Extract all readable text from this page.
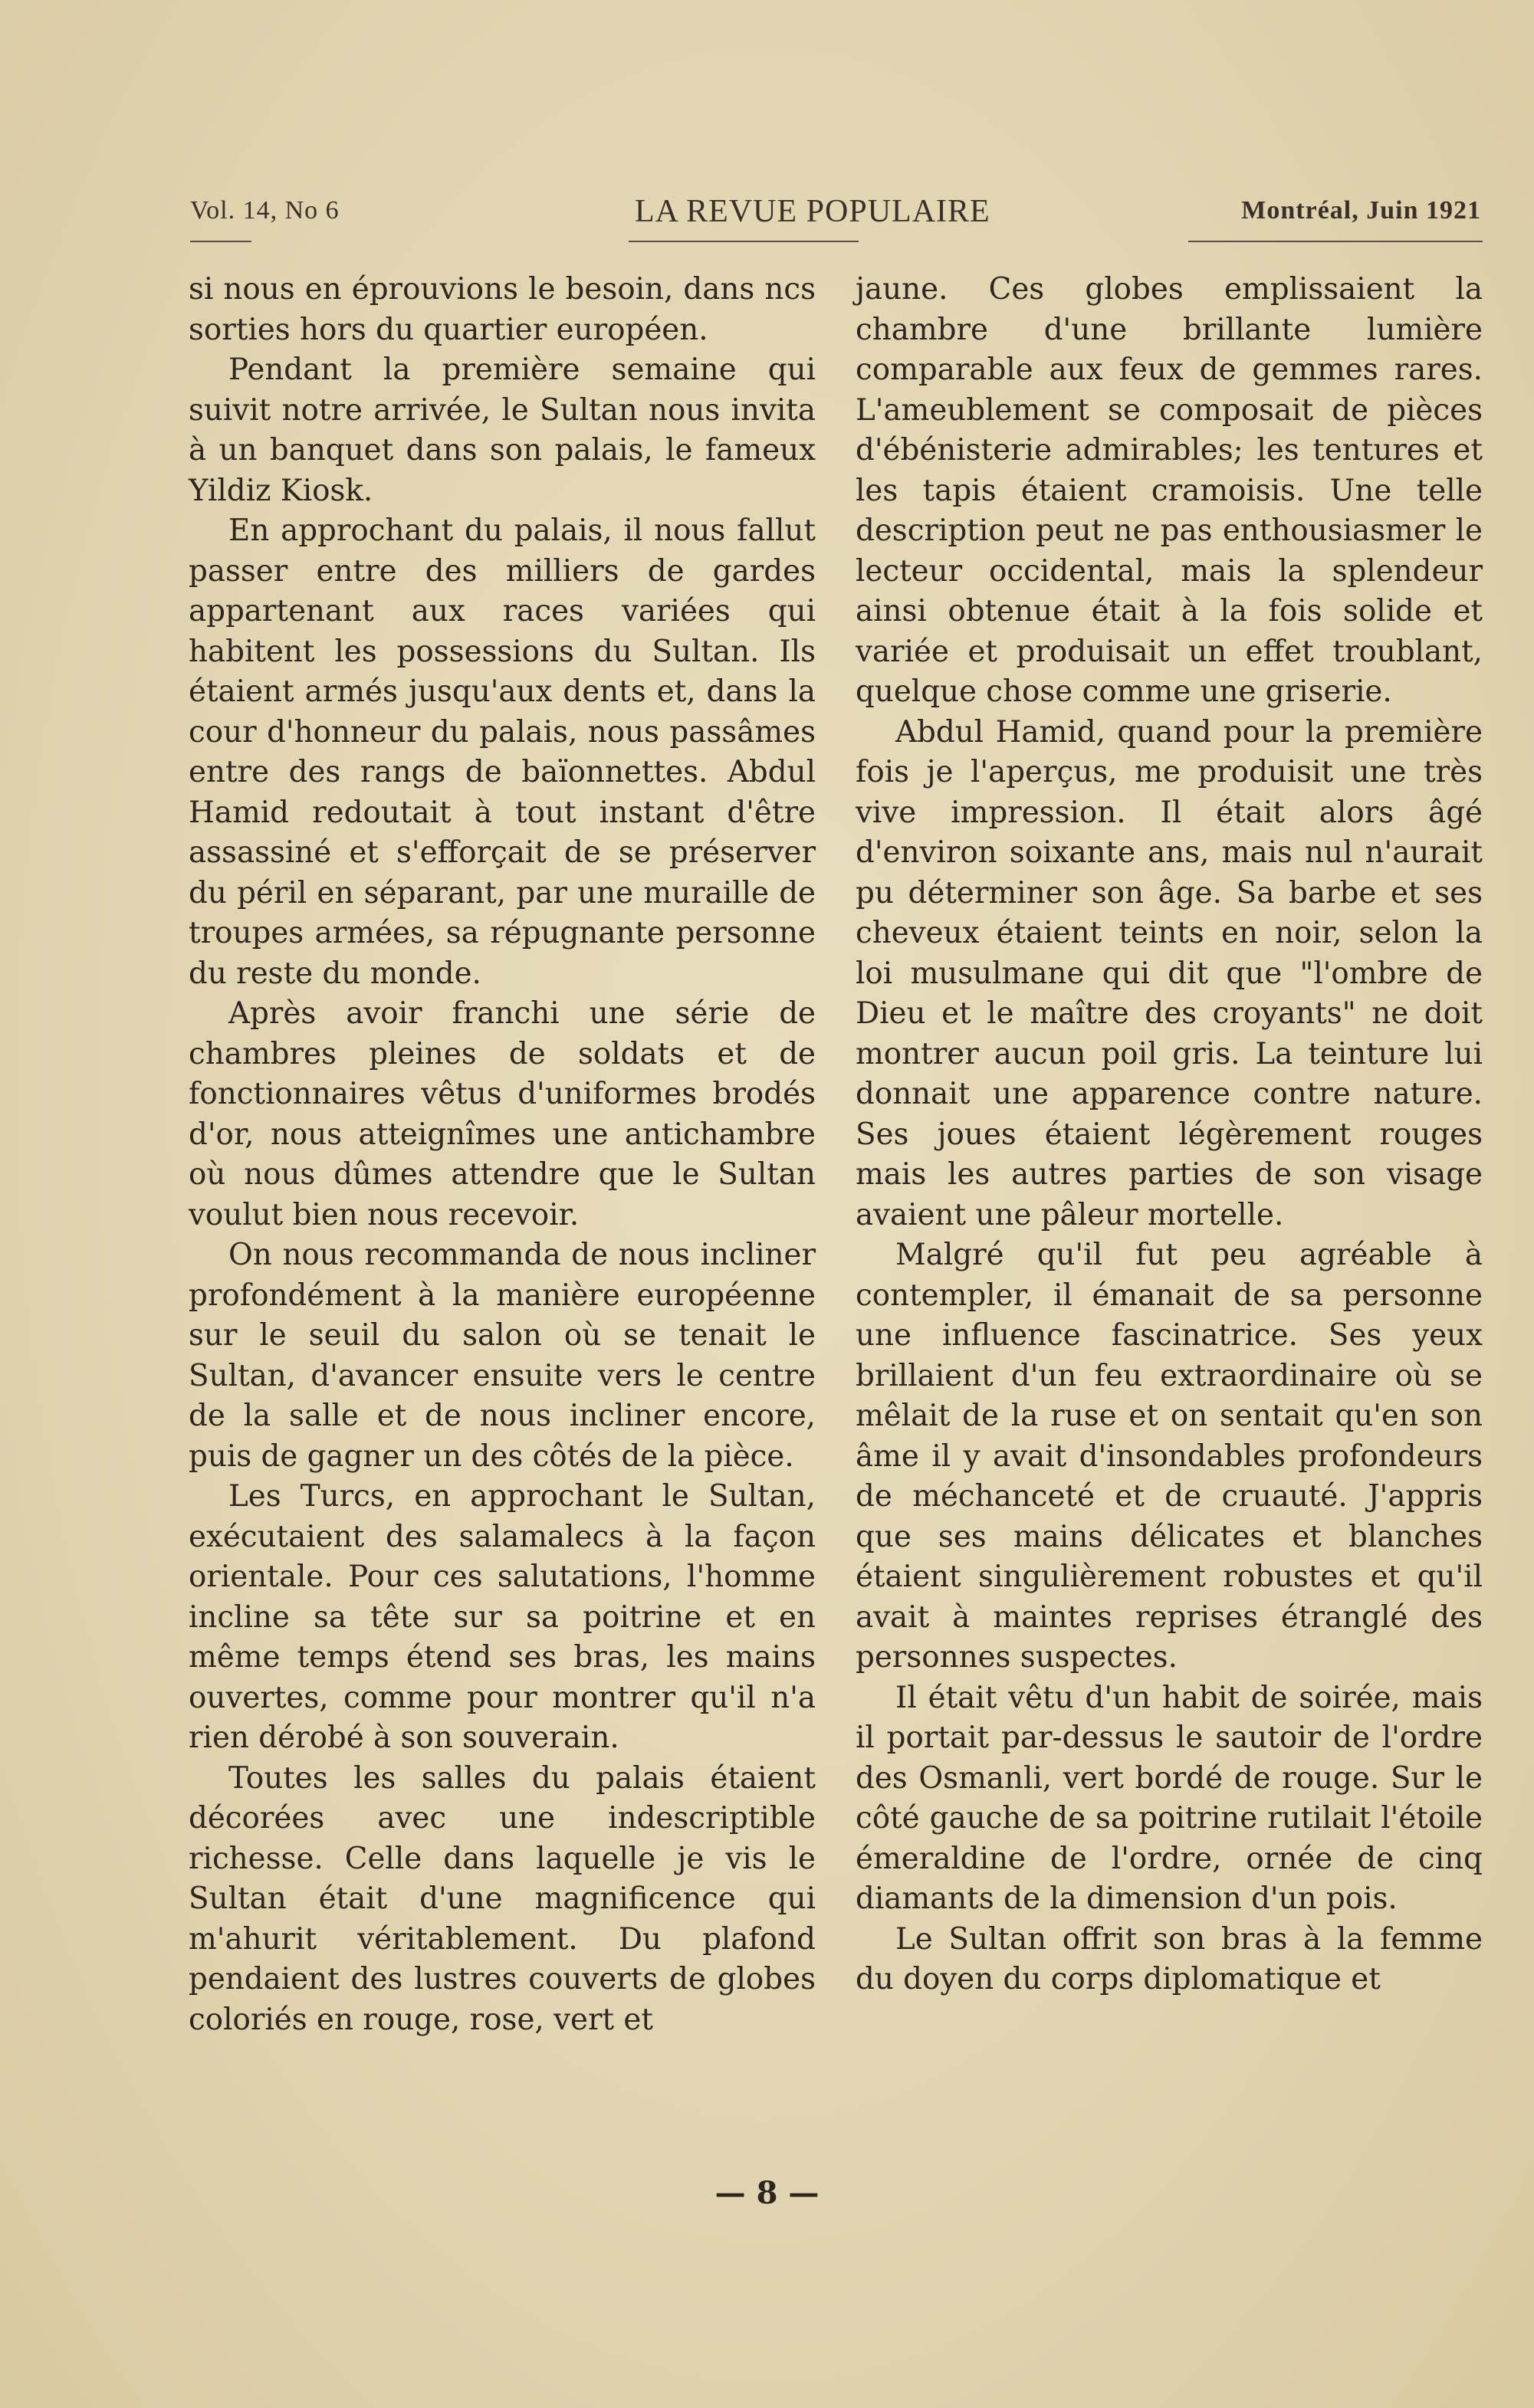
Vol. 14, No 6	LA REVUE POPULAIRE	Montréal, Juin 1921

si nous en éprouvions le besoin, dans ncs sorties hors du quartier européen.

Pendant la première semaine qui suivit notre arrivée, le Sultan nous invita à un banquet dans son palais, le fameux Yildiz Kiosk.

En approchant du palais, il nous fallut passer entre des milliers de gardes appartenant aux races variées qui habitent les possessions du Sultan. Ils étaient armés jusqu'aux dents et, dans la cour d'honneur du palais, nous passâmes entre des rangs de baïonnettes. Abdul Hamid redoutait à tout instant d'être assassiné et s'efforçait de se préserver du péril en séparant, par une muraille de troupes armées, sa répugnante personne du reste du monde.

Après avoir franchi une série de chambres pleines de soldats et de fonctionnaires vêtus d'uniformes brodés d'or, nous atteignîmes une antichambre où nous dûmes attendre que le Sultan voulut bien nous recevoir.

On nous recommanda de nous incliner profondément à la manière européenne sur le seuil du salon où se tenait le Sultan, d'avancer ensuite vers le centre de la salle et de nous incliner encore, puis de gagner un des côtés de la pièce.

Les Turcs, en approchant le Sultan, exécutaient des salamalecs à la façon orientale. Pour ces salutations, l'homme incline sa tête sur sa poitrine et en même temps étend ses bras, les mains ouvertes, comme pour montrer qu'il n'a rien dérobé à son souverain.

Toutes les salles du palais étaient décorées avec une indescriptible richesse. Celle dans laquelle je vis le Sultan était d'une magnificence qui m'ahurit véritablement. Du plafond pendaient des lustres couverts de globes coloriés en rouge, rose, vert et

jaune. Ces globes emplissaient la chambre d'une brillante lumière comparable aux feux de gemmes rares. L'ameublement se composait de pièces d'ébénisterie admirables; les tentures et les tapis étaient cramoisis. Une telle description peut ne pas enthousiasmer le lecteur occidental, mais la splendeur ainsi obtenue était à la fois solide et variée et produisait un effet troublant, quelque chose comme une griserie.

Abdul Hamid, quand pour la première fois je l'aperçus, me produisit une très vive impression. Il était alors âgé d'environ soixante ans, mais nul n'aurait pu déterminer son âge. Sa barbe et ses cheveux étaient teints en noir, selon la loi musulmane qui dit que "l'ombre de Dieu et le maître des croyants" ne doit montrer aucun poil gris. La teinture lui donnait une apparence contre nature. Ses joues étaient légèrement rouges mais les autres parties de son visage avaient une pâleur mortelle.

Malgré qu'il fut peu agréable à contempler, il émanait de sa personne une influence fascinatrice. Ses yeux brillaient d'un feu extraordinaire où se mêlait de la ruse et on sentait qu'en son âme il y avait d'insondables profondeurs de méchanceté et de cruauté. J'appris que ses mains délicates et blanches étaient singulièrement robustes et qu'il avait à maintes reprises étranglé des personnes suspectes.

Il était vêtu d'un habit de soirée, mais il portait par-dessus le sautoir de l'ordre des Osmanli, vert bordé de rouge. Sur le côté gauche de sa poitrine rutilait l'étoile émeraldine de l'ordre, ornée de cinq diamants de la dimension d'un pois.

Le Sultan offrit son bras à la femme du doyen du corps diplomatique et

— 8 —
